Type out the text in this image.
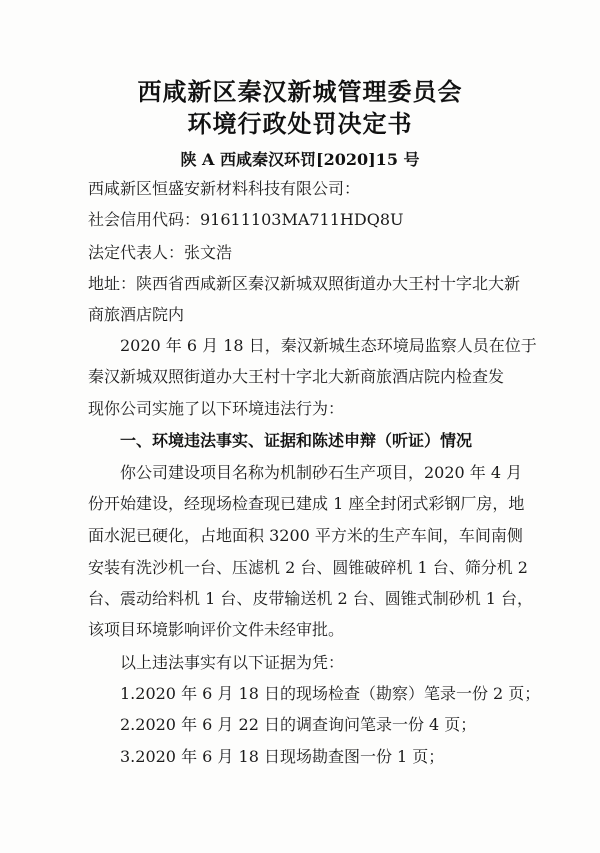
西咸新区秦汉新城管理委员会
环境行政处罚决定书
陕 A 西咸秦汉环罚[2020]15 号
西咸新区恒盛安新材料科技有限公司：
社会信用代码：91611103MA711HDQ8U
法定代表人：张文浩
地址：陕西省西咸新区秦汉新城双照街道办大王村十字北大新
商旅酒店院内
2020 年 6 月 18 日，秦汉新城生态环境局监察人员在位于
秦汉新城双照街道办大王村十字北大新商旅酒店院内检查发
现你公司实施了以下环境违法行为：
一、环境违法事实、证据和陈述申辩（听证）情况
你公司建设项目名称为机制砂石生产项目，2020 年 4 月
份开始建设，经现场检查现已建成 1 座全封闭式彩钢厂房，地
面水泥已硬化，占地面积 3200 平方米的生产车间，车间南侧
安装有洗沙机一台、压滤机 2 台、圆锥破碎机 1 台、筛分机 2
台、震动给料机 1 台、皮带输送机 2 台、圆锥式制砂机 1 台，
该项目环境影响评价文件未经审批。
以上违法事实有以下证据为凭：
1.2020 年 6 月 18 日的现场检查（勘察）笔录一份 2 页；
2.2020 年 6 月 22 日的调查询问笔录一份 4 页；
3.2020 年 6 月 18 日现场勘查图一份 1 页；
